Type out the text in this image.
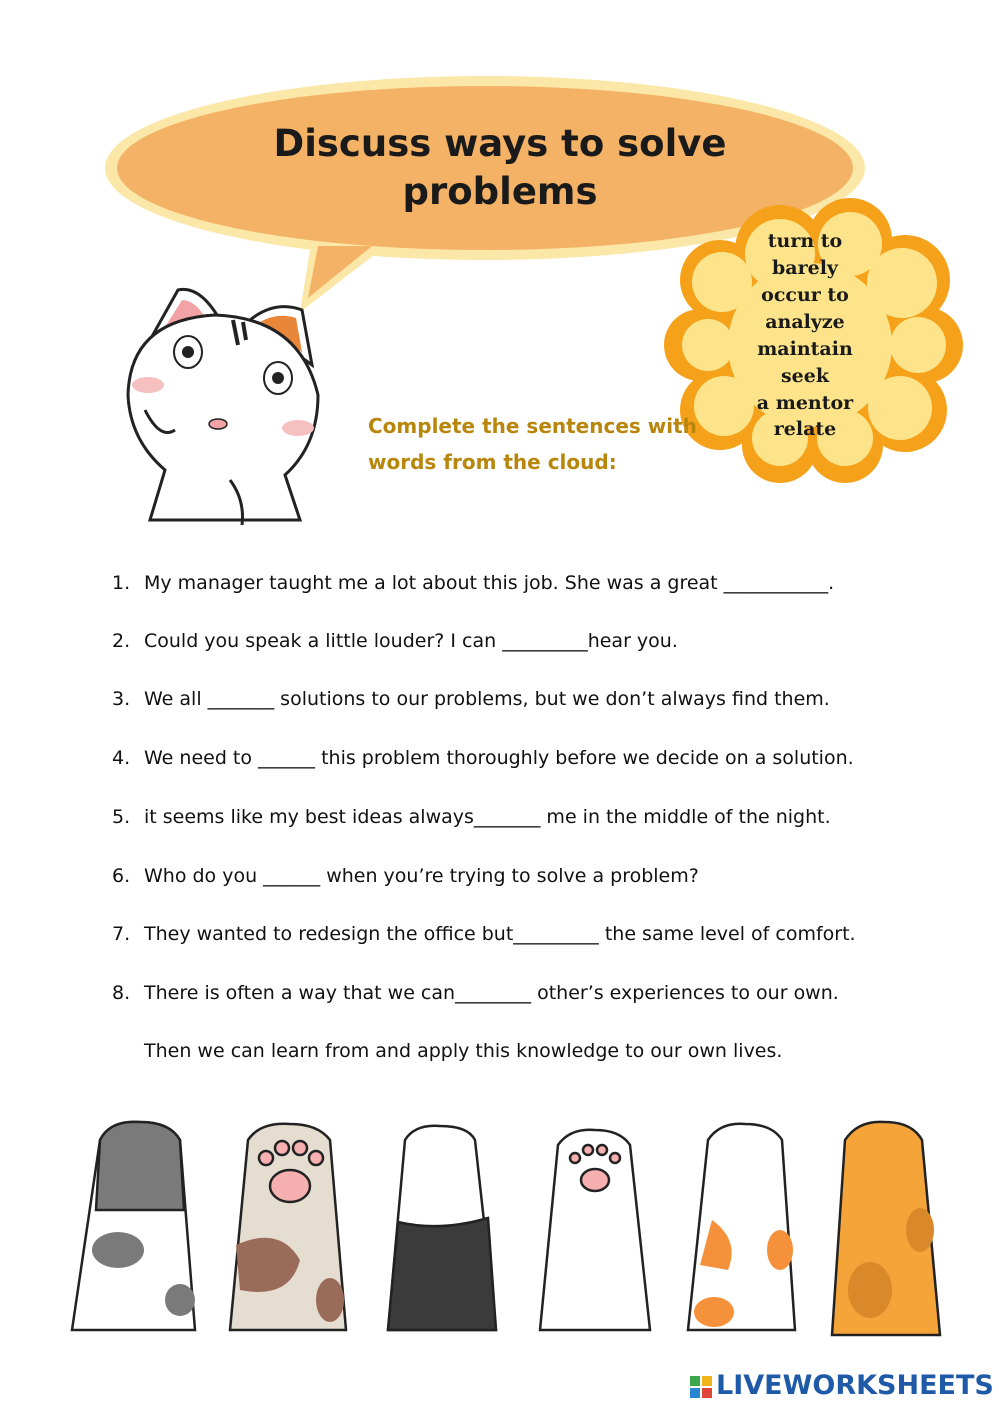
Discuss ways to solve
problems
turn to
barely
occur to
analyze
maintain
seek
a mentor
relate
Complete the sentences with
words from the cloud:
1. My manager taught me a lot about this job. She was a great ___________.
2. Could you speak a little louder? I can _________hear you.
3. We all _______ solutions to our problems, but we don’t always find them.
4. We need to ______ this problem thoroughly before we decide on a solution.
5. it seems like my best ideas always_______ me in the middle of the night.
6. Who do you ______ when you’re trying to solve a problem?
7. They wanted to redesign the office but_________ the same level of comfort.
8. There is often a way that we can________ other’s experiences to our own.
Then we can learn from and apply this knowledge to our own lives.
LIVEWORKSHEETS
